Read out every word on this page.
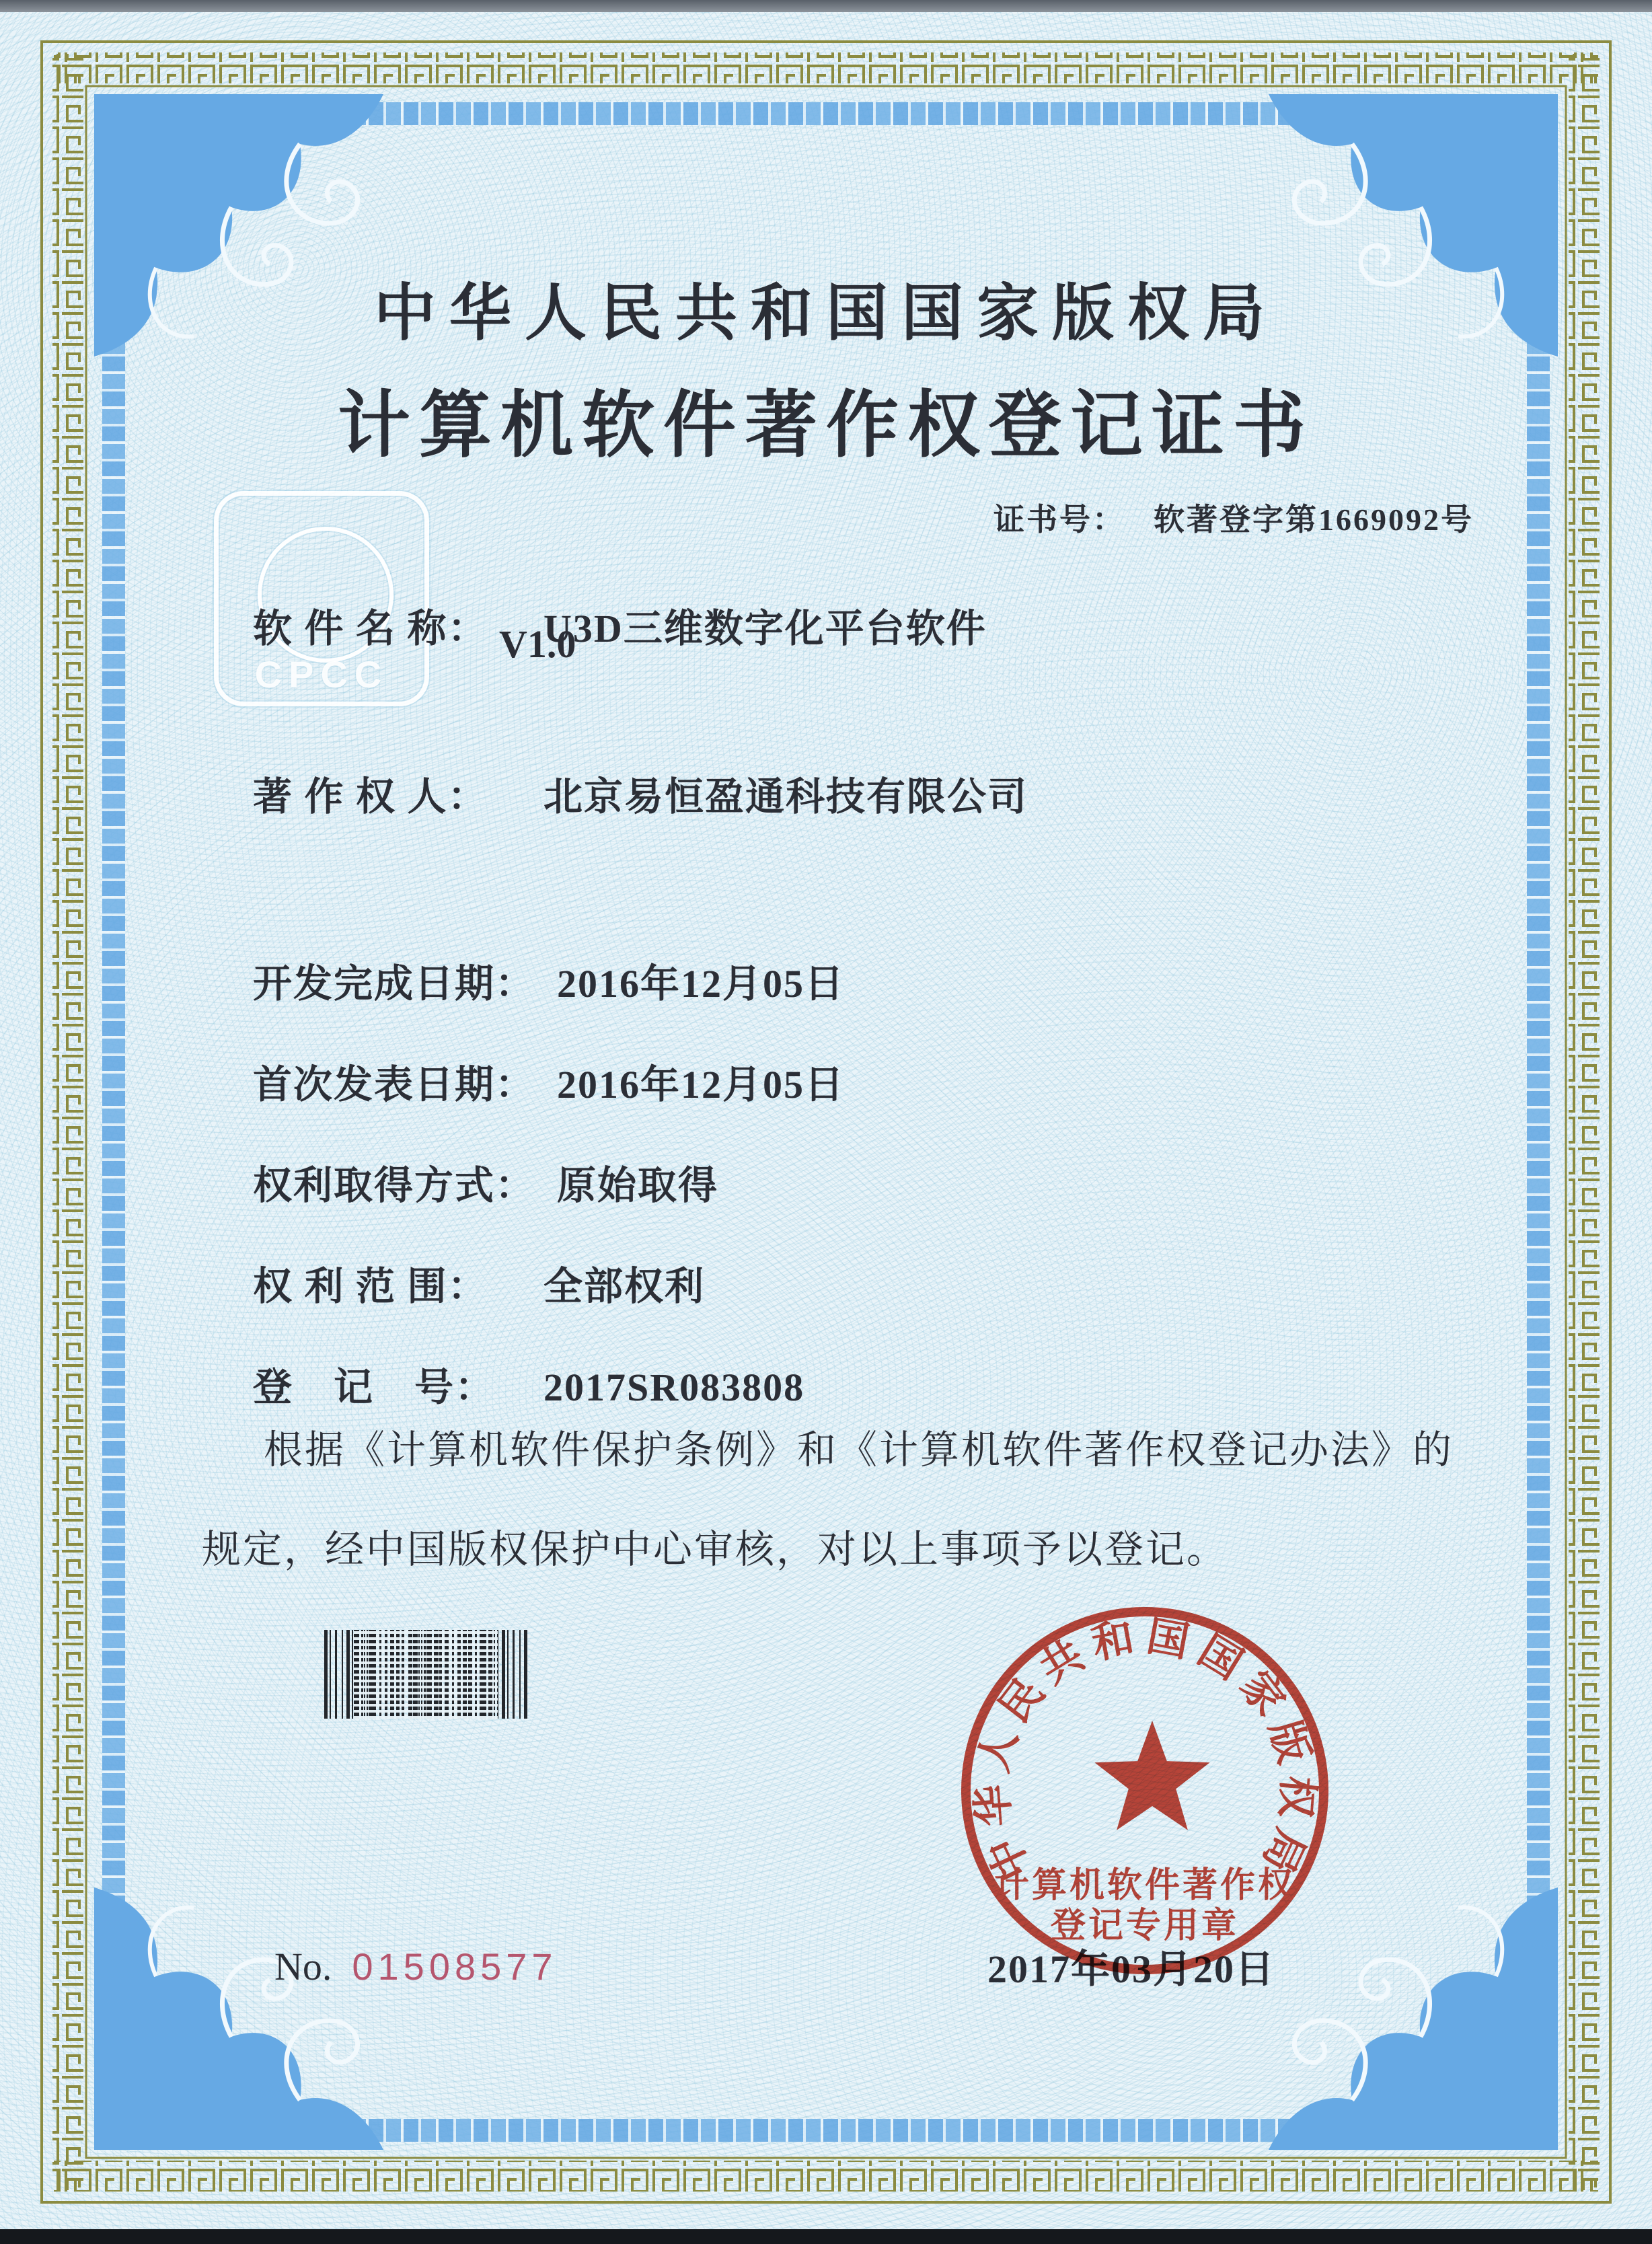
CPCC
中华人民共和国国家版权局
计算机软件著作权登记证书
证书号： 软著登字第1669092号

软 件 名 称： U3D三维数字化平台软件

V1.0

著 作 权 人： 北京易恒盈通科技有限公司

开发完成日期： 2016年12月05日

首次发表日期： 2016年12月05日

权利取得方式： 原始取得

权 利 范 围： 全部权利

登　记　号： 2017SR083808

根据《计算机软件保护条例》和《计算机软件著作权登记办法》的规定，经中国版权保护中心审核，对以上事项予以登记。
2017年03月20日
中华人民共和国国家版权局
计算机软件著作权
登记专用章
No. 01508577
